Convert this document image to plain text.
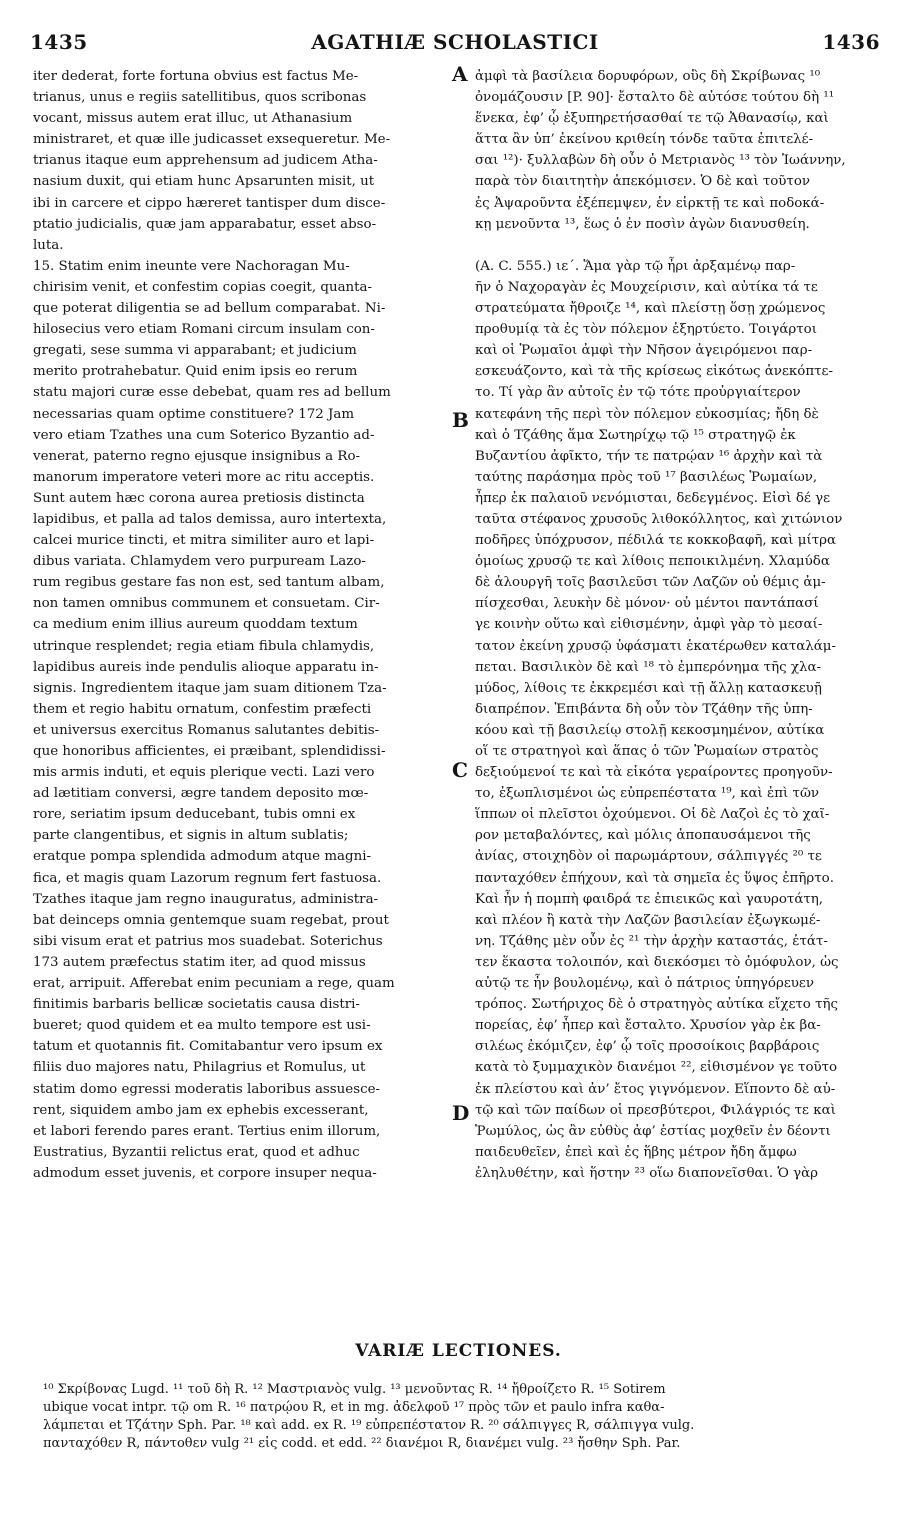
1435	AGATHIÆ SCHOLASTICI	1436
iter dederat, forte fortuna obvius est factus Me-
trianus, unus e regiis satellitibus, quos scribonas
vocant, missus autem erat illuc, ut Athanasium
ministraret, et quæ ille judicasset exsequeretur. Me-
trianus itaque eum apprehensum ad judicem Atha-
nasium duxit, qui etiam hunc Apsarunten misit, ut
ibi in carcere et cippo hæreret tantisper dum disce-
ptatio judicialis, quæ jam apparabatur, esset abso-
luta.
15. Statim enim ineunte vere Nachoragan Mu-
chirisim venit, et confestim copias coegit, quanta-
que poterat diligentia se ad bellum comparabat. Ni-
hilosecius vero etiam Romani circum insulam con-
gregati, sese summa vi apparabant; et judicium
merito protrahebatur. Quid enim ipsis eo rerum
statu majori curæ esse debebat, quam res ad bellum
necessarias quam optime constituere? 172 Jam
vero etiam Tzathes una cum Soterico Byzantio ad-
venerat, paterno regno ejusque insignibus a Ro-
manorum imperatore veteri more ac ritu acceptis.
Sunt autem hæc corona aurea pretiosis distincta
lapidibus, et palla ad talos demissa, auro intertexta,
calcei murice tincti, et mitra similiter auro et lapi-
dibus variata. Chlamydem vero purpuream Lazo-
rum regibus gestare fas non est, sed tantum albam,
non tamen omnibus communem et consuetam. Cir-
ca medium enim illius aureum quoddam textum
utrinque resplendet; regia etiam fibula chlamydis,
lapidibus aureis inde pendulis alioque apparatu in-
signis. Ingredientem itaque jam suam ditionem Tza-
them et regio habitu ornatum, confestim præfecti
et universus exercitus Romanus salutantes debitis-
que honoribus afficientes, ei præibant, splendidissi-
mis armis induti, et equis plerique vecti. Lazi vero
ad lætitiam conversi, ægre tandem deposito mœ-
rore, seriatim ipsum deducebant, tubis omni ex
parte clangentibus, et signis in altum sublatis;
eratque pompa splendida admodum atque magni-
fica, et magis quam Lazorum regnum fert fastuosa.
Tzathes itaque jam regno inauguratus, administra-
bat deinceps omnia gentemque suam regebat, prout
sibi visum erat et patrius mos suadebat. Soterichus
173 autem præfectus statim iter, ad quod missus
erat, arripuit. Afferebat enim pecuniam a rege, quam
finitimis barbaris bellicæ societatis causa distri-
bueret; quod quidem et ea multo tempore est usi-
tatum et quotannis fit. Comitabantur vero ipsum ex
filiis duo majores natu, Philagrius et Romulus, ut
statim domo egressi moderatis laboribus assuesce-
rent, siquidem ambo jam ex ephebis excesserant,
et labori ferendo pares erant. Tertius enim illorum,
Eustratius, Byzantii relictus erat, quod et adhuc
admodum esset juvenis, et corpore insuper nequa-
ἀμφὶ τὰ βασίλεια δορυφόρων, οὓς δὴ Σκρίβωνας ¹⁰
ὀνομάζουσιν [P. 90]· ἔσταλτο δὲ αὐτόσε τούτου δὴ ¹¹
ἕνεκα, ἐφ’ ᾧ ἐξυπηρετήσασθαί τε τῷ Ἀθανασίῳ, καὶ
ἅττα ἂν ὑπ’ ἐκείνου κριθείη τόνδε ταῦτα ἐπιτελέ-
σαι ¹²)· ξυλλαβὼν δὴ οὖν ὁ Μετριανὸς ¹³ τὸν Ἰωάννην,
παρὰ τὸν διαιτητὴν ἀπεκόμισεν. Ὁ δὲ καὶ τοῦτον
ἐς Ἀψαροῦντα ἐξέπεμψεν, ἐν εἱρκτῇ τε καὶ ποδοκά-
κῃ μενοῦντα ¹³, ἕως ὁ ἐν ποσὶν ἀγὼν διανυσθείη.

(A. C. 555.) ιε΄. Ἅμα γὰρ τῷ ἦρι ἀρξαμένῳ παρ-
ῆν ὁ Ναχοραγὰν ἐς Μουχείρισιν, καὶ αὐτίκα τά τε
στρατεύματα ἤθροιζε ¹⁴, καὶ πλείστῃ ὅσῃ χρώμενος
προθυμίᾳ τὰ ἐς τὸν πόλεμον ἐξηρτύετο. Τοιγάρτοι
καὶ οἱ Ῥωμαῖοι ἀμφὶ τὴν Νῆσον ἀγειρόμενοι παρ-
εσκευάζοντο, καὶ τὰ τῆς κρίσεως εἰκότως ἀνεκόπτε-
το. Τί γὰρ ἂν αὐτοῖς ἐν τῷ τότε προὐργιαίτερον
κατεφάνη τῆς περὶ τὸν πόλεμον εὐκοσμίας; ἤδη δὲ
καὶ ὁ Τζάθης ἅμα Σωτηρίχῳ τῷ ¹⁵ στρατηγῷ ἐκ
Βυζαντίου ἀφῖκτο, τήν τε πατρῴαν ¹⁶ ἀρχὴν καὶ τὰ
ταύτης παράσημα πρὸς τοῦ ¹⁷ βασιλέως Ῥωμαίων,
ἧπερ ἐκ παλαιοῦ νενόμισται, δεδεγμένος. Εἰσὶ δέ γε
ταῦτα στέφανος χρυσοῦς λιθοκόλλητος, καὶ χιτώνιον
ποδῆρες ὑπόχρυσον, πέδιλά τε κοκκοβαφῆ, καὶ μίτρα
ὁμοίως χρυσῷ τε καὶ λίθοις πεποικιλμένη. Χλαμύδα
δὲ ἁλουργῆ τοῖς βασιλεῦσι τῶν Λαζῶν οὐ θέμις ἀμ-
πίσχεσθαι, λευκὴν δὲ μόνον· οὐ μέντοι παντάπασί
γε κοινὴν οὕτω καὶ εἰθισμένην, ἀμφὶ γὰρ τὸ μεσαί-
τατον ἐκείνη χρυσῷ ὑφάσματι ἑκατέρωθεν καταλάμ-
πεται. Βασιλικὸν δὲ καὶ ¹⁸ τὸ ἐμπερόνημα τῆς χλα-
μύδος, λίθοις τε ἐκκρεμέσι καὶ τῇ ἄλλῃ κατασκευῇ
διαπρέπον. Ἐπιβάντα δὴ οὖν τὸν Τζάθην τῆς ὑπη-
κόου καὶ τῇ βασιλείῳ στολῇ κεκοσμημένον, αὐτίκα
οἵ τε στρατηγοὶ καὶ ἅπας ὁ τῶν Ῥωμαίων στρατὸς
δεξιούμενοί τε καὶ τὰ εἰκότα γεραίροντες προηγοῦν-
το, ἐξωπλισμένοι ὡς εὐπρεπέστατα ¹⁹, καὶ ἐπὶ τῶν
ἵππων οἱ πλεῖστοι ὀχούμενοι. Οἱ δὲ Λαζοὶ ἐς τὸ χαῖ-
ρον μεταβαλόντες, καὶ μόλις ἀποπαυσάμενοι τῆς
ἀνίας, στοιχηδὸν οἱ παρωμάρτουν, σάλπιγγές ²⁰ τε
πανταχόθεν ἐπήχουν, καὶ τὰ σημεῖα ἐς ὕψος ἐπῆρτο.
Καὶ ἦν ἡ πομπὴ φαιδρά τε ἐπιεικῶς καὶ γαυροτάτη,
καὶ πλέον ἢ κατὰ τὴν Λαζῶν βασιλείαν ἐξωγκωμέ-
νη. Τζάθης μὲν οὖν ἐς ²¹ τὴν ἀρχὴν καταστάς, ἐτάτ-
τεν ἕκαστα τολοιπόν, καὶ διεκόσμει τὸ ὁμόφυλον, ὡς
αὐτῷ τε ἦν βουλομένῳ, καὶ ὁ πάτριος ὑπηγόρευεν
τρόπος. Σωτήριχος δὲ ὁ στρατηγὸς αὐτίκα εἴχετο τῆς
πορείας, ἐφ’ ἧπερ καὶ ἔσταλτο. Χρυσίον γὰρ ἐκ βα-
σιλέως ἐκόμιζεν, ἐφ’ ᾧ τοῖς προσοίκοις βαρβάροις
κατὰ τὸ ξυμμαχικὸν διανέμοι ²², εἰθισμένον γε τοῦτο
ἐκ πλείστου καὶ ἀν’ ἔτος γιγνόμενον. Εἵποντο δὲ αὐ-
τῷ καὶ τῶν παίδων οἱ πρεσβύτεροι, Φιλάγριός τε καὶ
Ῥωμύλος, ὡς ἂν εὐθὺς ἀφ’ ἑστίας μοχθεῖν ἐν δέοντι
παιδευθεῖεν, ἐπεὶ καὶ ἐς ἥβης μέτρον ἤδη ἄμφω
ἐληλυθέτην, καὶ ἥστην ²³ οἵω διαπονεῖσθαι. Ὁ γὰρ
A
B
C
D
VARIÆ LECTIONES.
¹⁰ Σκρίβονας Lugd. ¹¹ τοῦ δὴ R. ¹² Μαστριανὸς vulg. ¹³ μενοῦντας R. ¹⁴ ἤθροίζετο R. ¹⁵ Sotirem
ubique vocat intpr. τῷ om R. ¹⁶ πατρῴου R, et in mg. ἀδελφοῦ ¹⁷ πρὸς τῶν et paulo infra καθα-
λάμπεται et Τζάτην Sph. Par. ¹⁸ καὶ add. ex R. ¹⁹ εὐπρεπέστατον R. ²⁰ σάλπιγγες R, σάλπιγγα vulg.
πανταχόθεν R, πάντοθεν vulg ²¹ εἰς codd. et edd. ²² διανέμοι R, διανέμει vulg. ²³ ἤσθην Sph. Par.
